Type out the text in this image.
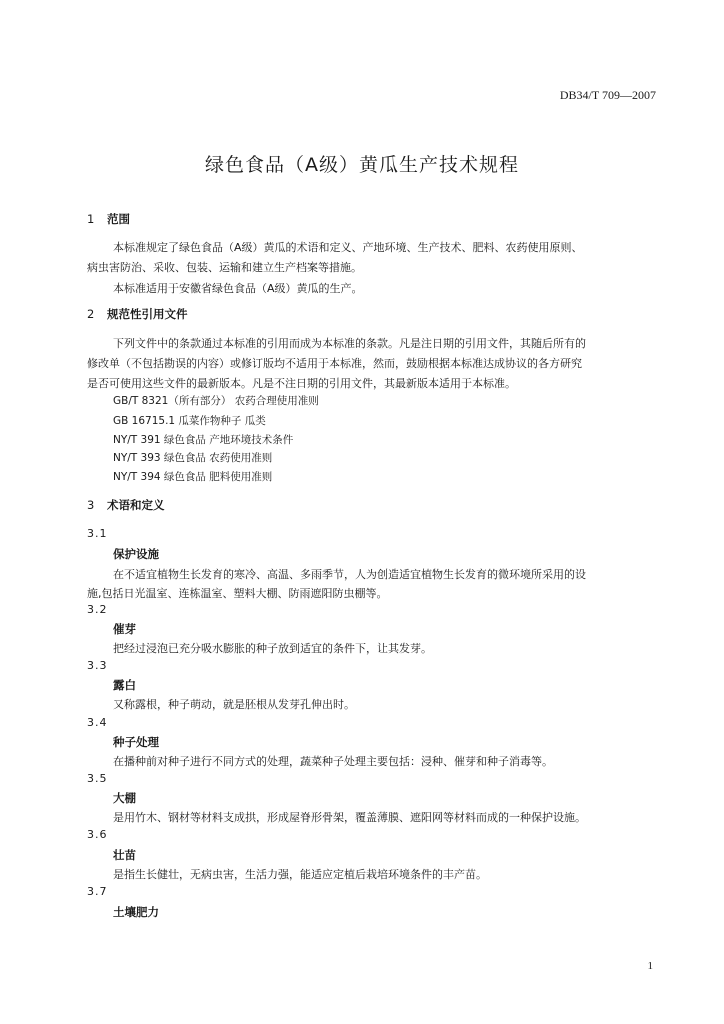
DB34/T 709—2007
绿色食品（A级）黄瓜生产技术规程
1 范围
本标准规定了绿色食品（A级）黄瓜的术语和定义、产地环境、生产技术、肥料、农药使用原则、
病虫害防治、采收、包装、运输和建立生产档案等措施。
本标准适用于安徽省绿色食品（A级）黄瓜的生产。
2 规范性引用文件
下列文件中的条款通过本标准的引用而成为本标准的条款。凡是注日期的引用文件，其随后所有的
修改单（不包括勘误的内容）或修订版均不适用于本标准，然而，鼓励根据本标准达成协议的各方研究
是否可使用这些文件的最新版本。凡是不注日期的引用文件，其最新版本适用于本标准。
GB/T 8321（所有部分） 农药合理使用准则
GB 16715.1 瓜菜作物种子 瓜类
NY/T 391 绿色食品 产地环境技术条件
NY/T 393 绿色食品 农药使用准则
NY/T 394 绿色食品 肥料使用准则
3 术语和定义
3.1
保护设施
在不适宜植物生长发育的寒冷、高温、多雨季节，人为创造适宜植物生长发育的微环境所采用的设
施,包括日光温室、连栋温室、塑料大棚、防雨遮阳防虫棚等。
3.2
催芽
把经过浸泡已充分吸水膨胀的种子放到适宜的条件下，让其发芽。
3.3
露白
又称露根，种子萌动，就是胚根从发芽孔伸出时。
3.4
种子处理
在播种前对种子进行不同方式的处理，蔬菜种子处理主要包括：浸种、催芽和种子消毒等。
3.5
大棚
是用竹木、钢材等材料支成拱，形成屋脊形骨架，覆盖薄膜、遮阳网等材料而成的一种保护设施。
3.6
壮苗
是指生长健壮，无病虫害，生活力强，能适应定植后栽培环境条件的丰产苗。
3.7
土壤肥力
1
